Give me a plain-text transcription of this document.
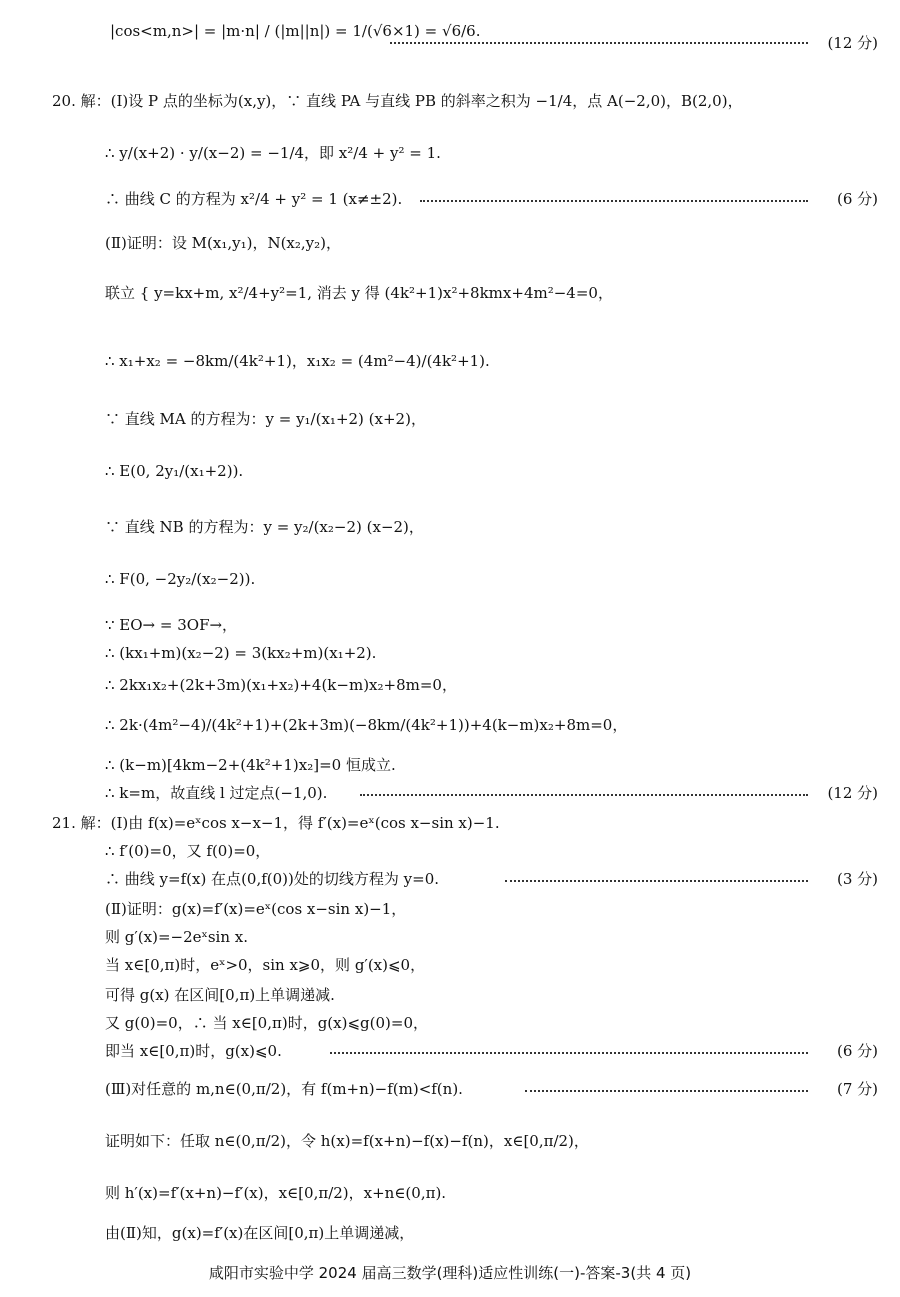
|cos<m,n>| = |m·n| / (|m||n|) = 1/(√6×1) = √6/6.
(12 分)
20. 解：(Ⅰ)设 P 点的坐标为(x,y)，∵ 直线 PA 与直线 PB 的斜率之积为 −1/4，点 A(−2,0)，B(2,0)，
∴ y/(x+2) · y/(x−2) = −1/4，即 x²/4 + y² = 1.
∴ 曲线 C 的方程为 x²/4 + y² = 1 (x≠±2).	(6 分)
(Ⅱ)证明：设 M(x₁,y₁)，N(x₂,y₂)，
联立 { y=kx+m, x²/4+y²=1, 消去 y 得 (4k²+1)x²+8kmx+4m²−4=0，
∴ x₁+x₂ = −8km/(4k²+1)，x₁x₂ = (4m²−4)/(4k²+1).
∵ 直线 MA 的方程为：y = y₁/(x₁+2) (x+2)，
∴ E(0, 2y₁/(x₁+2)).
∵ 直线 NB 的方程为：y = y₂/(x₂−2) (x−2)，
∴ F(0, −2y₂/(x₂−2)).
∵ EO→ = 3OF→，
∴ (kx₁+m)(x₂−2) = 3(kx₂+m)(x₁+2).
∴ 2kx₁x₂+(2k+3m)(x₁+x₂)+4(k−m)x₂+8m=0，
∴ 2k·(4m²−4)/(4k²+1)+(2k+3m)(−8km/(4k²+1))+4(k−m)x₂+8m=0，
∴ (k−m)[4km−2+(4k²+1)x₂]=0 恒成立.
∴ k=m，故直线 l 过定点(−1,0).	(12 分)
21. 解：(Ⅰ)由 f(x)=eˣcos x−x−1，得 f′(x)=eˣ(cos x−sin x)−1.
∴ f′(0)=0，又 f(0)=0，
∴ 曲线 y=f(x) 在点(0,f(0))处的切线方程为 y=0.	(3 分)
(Ⅱ)证明：g(x)=f′(x)=eˣ(cos x−sin x)−1，
则 g′(x)=−2eˣsin x.
当 x∈[0,π)时，eˣ>0，sin x⩾0，则 g′(x)⩽0，
可得 g(x) 在区间[0,π)上单调递减.
又 g(0)=0，∴ 当 x∈[0,π)时，g(x)⩽g(0)=0，
即当 x∈[0,π)时，g(x)⩽0.	(6 分)
(Ⅲ)对任意的 m,n∈(0,π/2)，有 f(m+n)−f(m)<f(n).	(7 分)
证明如下：任取 n∈(0,π/2)，令 h(x)=f(x+n)−f(x)−f(n)，x∈[0,π/2)，
则 h′(x)=f′(x+n)−f′(x)，x∈[0,π/2)，x+n∈(0,π).
由(Ⅱ)知，g(x)=f′(x)在区间[0,π)上单调递减，
咸阳市实验中学 2024 届高三数学(理科)适应性训练(一)-答案-3(共 4 页)
